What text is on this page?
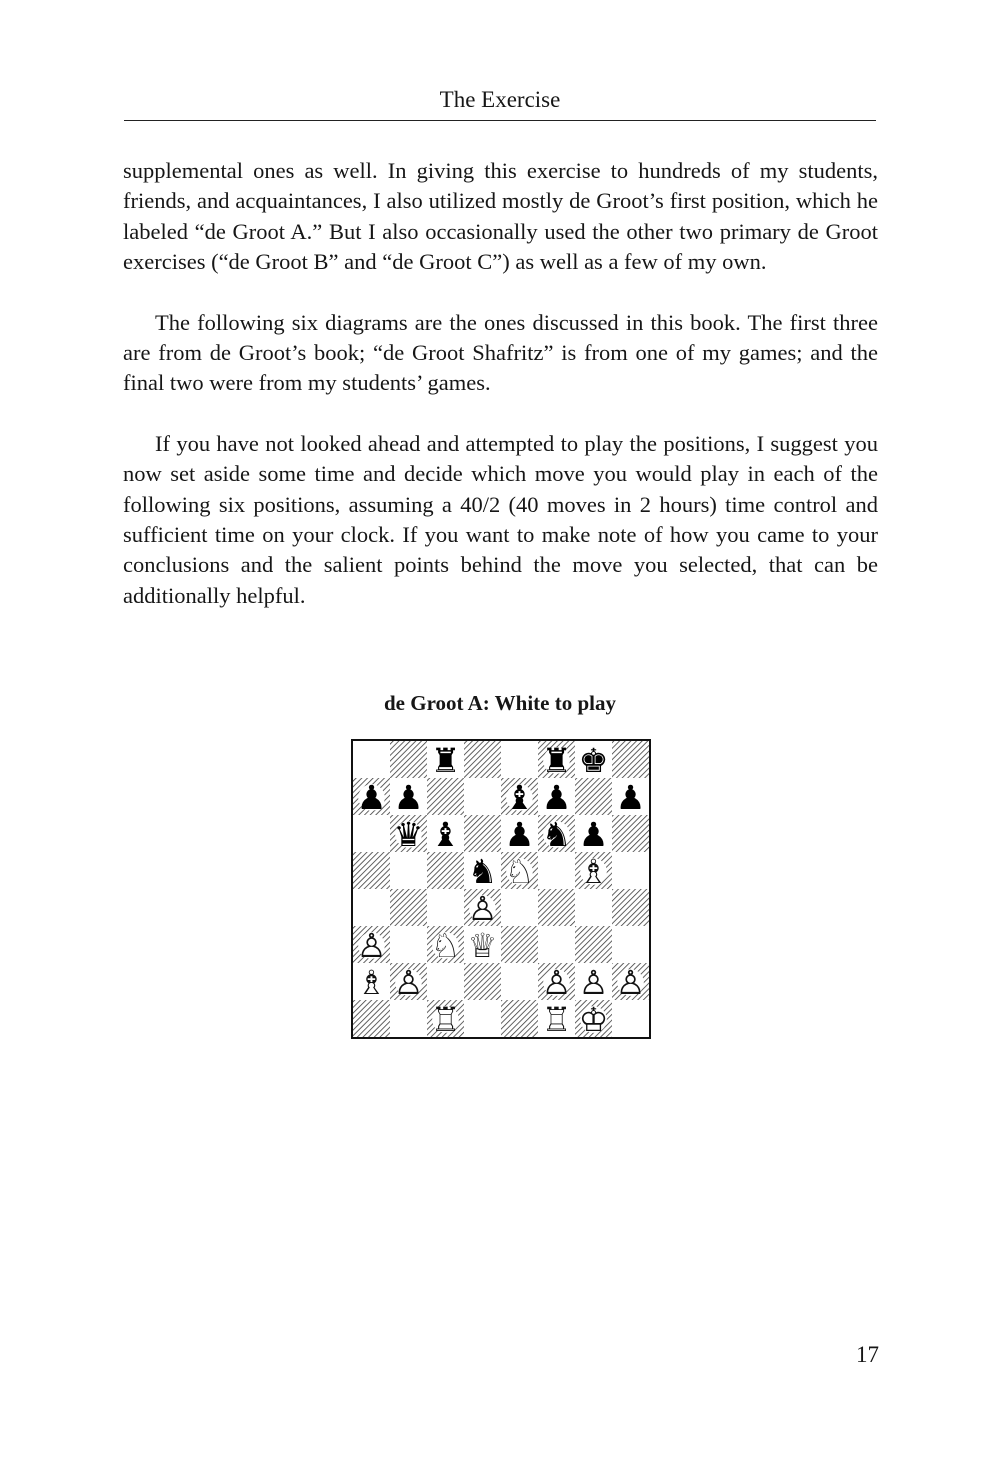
The Exercise

supplemental ones as well. In giving this exercise to hundreds of my students, friends, and acquaintances, I also utilized mostly de Groot’s first position, which he labeled “de Groot A.” But I also occasionally used the other two primary de Groot exercises (“de Groot B” and “de Groot C”) as well as a few of my own.

The following six diagrams are the ones discussed in this book. The first three are from de Groot’s book; “de Groot Shafritz” is from one of my games; and the final two were from my students’ games.

If you have not looked ahead and attempted to play the positions, I suggest you now set aside some time and decide which move you would play in each of the following six positions, assuming a 40/2 (40 moves in 2 hours) time control and sufficient time on your clock. If you want to make note of how you came to your conclusions and the salient points behind the move you selected, that can be additionally helpful.

de Groot A: White to play
♜ ♜ ♚
♟ ♟ ♝ ♟ ♟
♛ ♝ ♟ ♞ ♟
♞ ♘ ♗
♙
♙ ♘ ♕
♗ ♙	♙ ♙ ♙
♖ ♖ ♔
17
